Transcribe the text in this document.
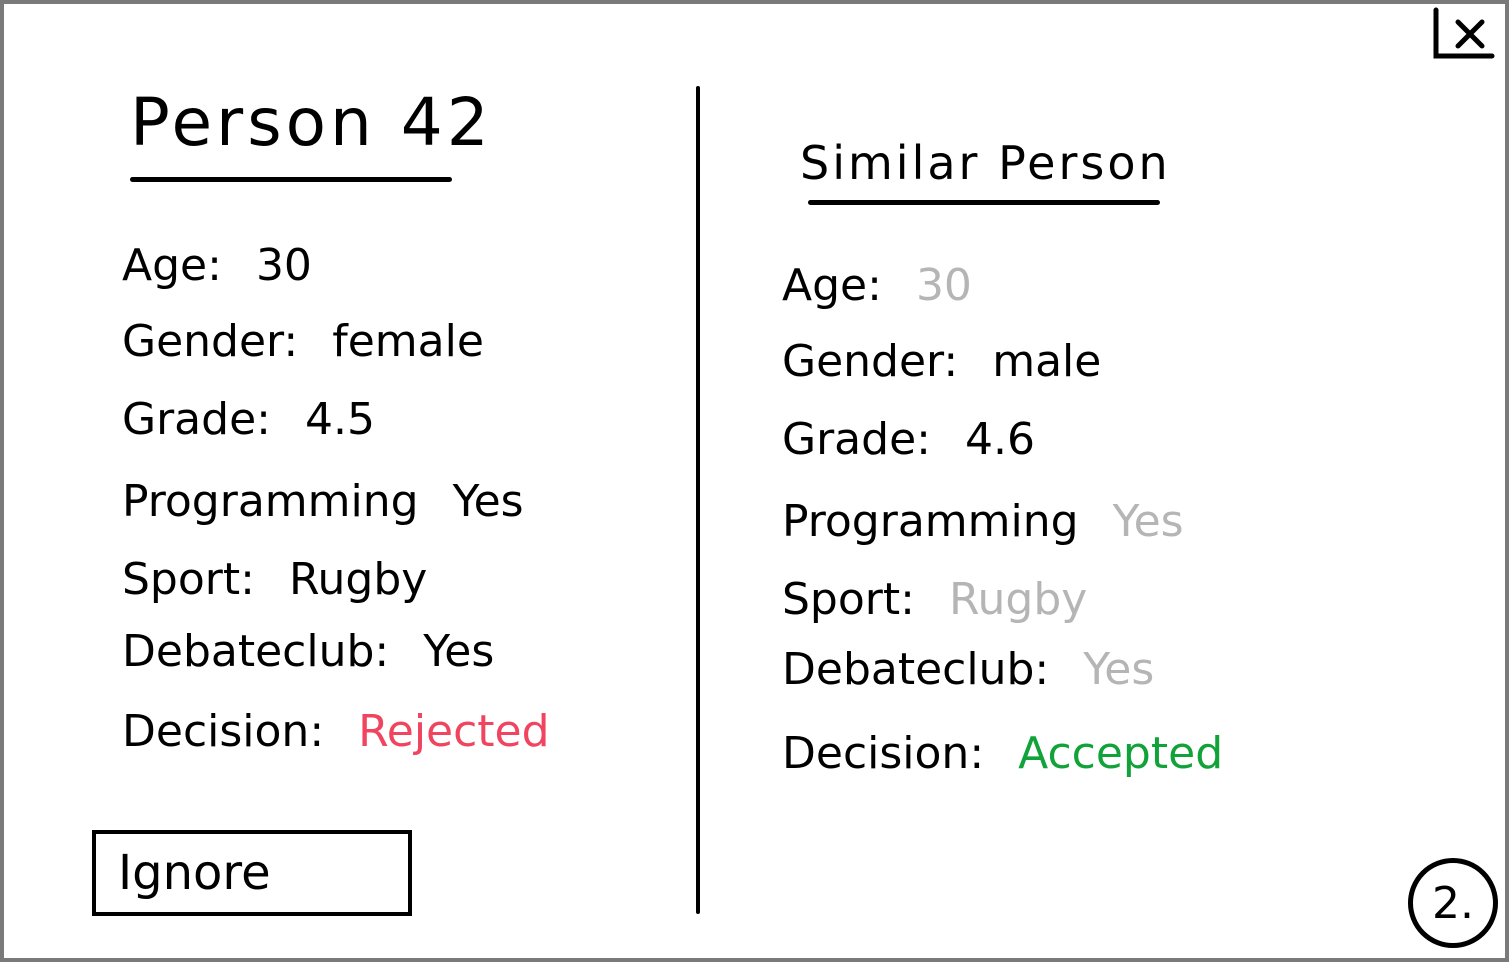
Person 42
Age: 30
Gender: female
Grade: 4.5
Programming Yes
Sport: Rugby
Debateclub: Yes
Decision: Rejected
Ignore
Similar Person
Age: 30
Gender: male
Grade: 4.6
Programming Yes
Sport: Rugby
Debateclub: Yes
Decision: Accepted
2.
